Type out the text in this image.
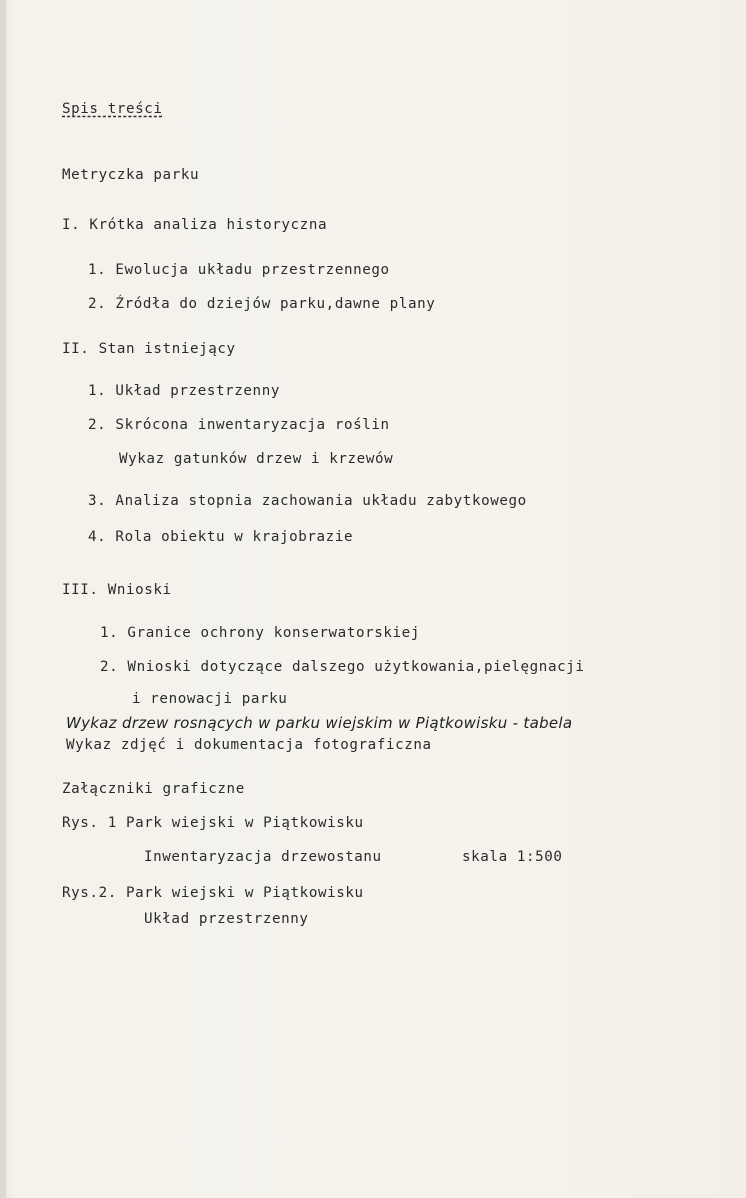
Spis treści
Metryczka parku
I. Krótka analiza historyczna
1. Ewolucja układu przestrzennego
2. Źródła do dziejów parku,dawne plany
II. Stan istniejący
1. Układ przestrzenny
2. Skrócona inwentaryzacja roślin
Wykaz gatunków drzew i krzewów
3. Analiza stopnia zachowania układu zabytkowego
4. Rola obiektu w krajobrazie
III. Wnioski
1. Granice ochrony konserwatorskiej
2. Wnioski dotyczące dalszego użytkowania,pielęgnacji
i renowacji parku
Wykaz drzew rosnących w parku wiejskim w Piątkowisku - tabela
Wykaz zdjęć i dokumentacja fotograficzna
Załączniki graficzne
Rys. 1 Park wiejski w Piątkowisku
Inwentaryzacja drzewostanu	skala 1:500
Rys.2. Park wiejski w Piątkowisku
Układ przestrzenny
